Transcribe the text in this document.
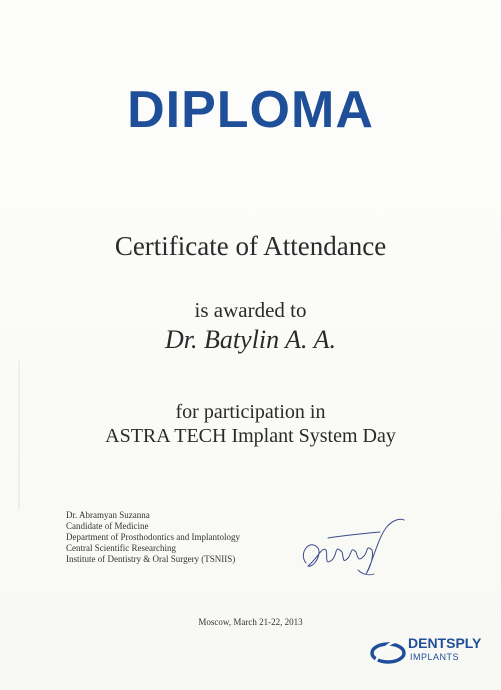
DIPLOMA
Certificate of Attendance
is awarded to
Dr. Batylin A. A.
for participation in
ASTRA TECH Implant System Day
Dr. Abramyan Suzanna
Candidate of Medicine
Department of Prosthodontics and Implantology
Central Scientific Researching
Institute of Dentistry & Oral Surgery (TSNIIS)
Moscow, March 21-22, 2013
DENTSPLY
IMPLANTS
